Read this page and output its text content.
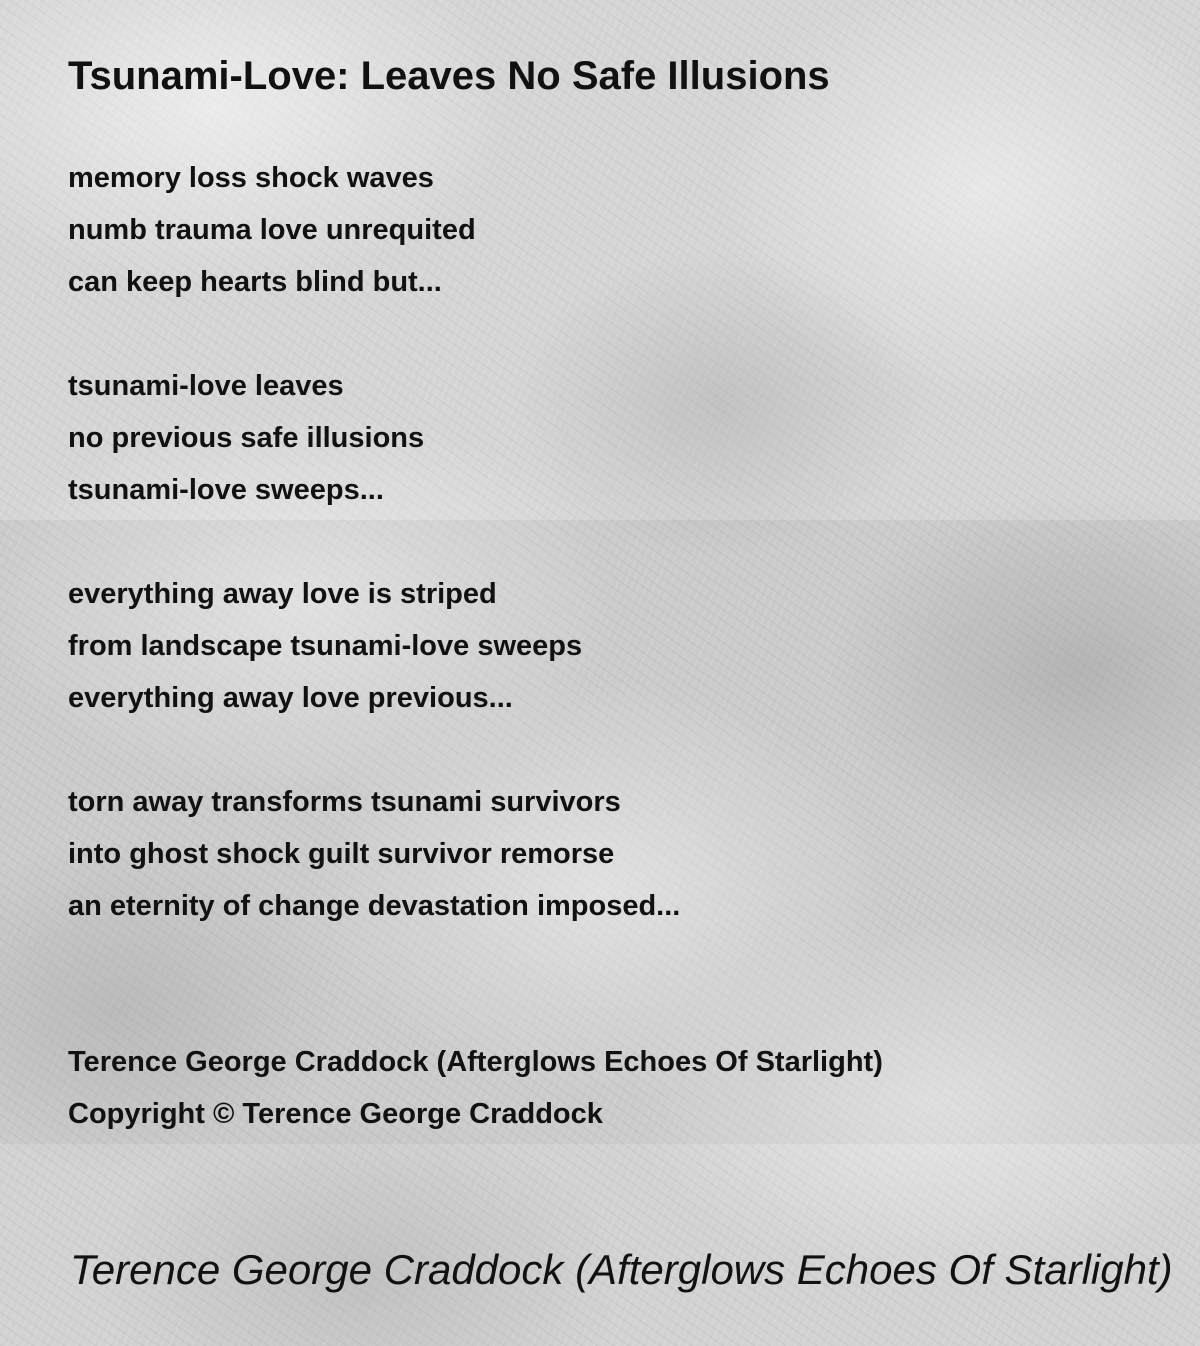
Tsunami-Love: Leaves No Safe Illusions
memory loss shock waves
numb trauma love unrequited
can keep hearts blind but...
tsunami-love leaves
no previous safe illusions
tsunami-love sweeps...
everything away love is striped
from landscape tsunami-love sweeps
everything away love previous...
torn away transforms tsunami survivors
into ghost shock guilt survivor remorse
an eternity of change devastation imposed...
Terence George Craddock (Afterglows Echoes Of Starlight)
Copyright © Terence George Craddock
Terence George Craddock (Afterglows Echoes Of Starlight)
